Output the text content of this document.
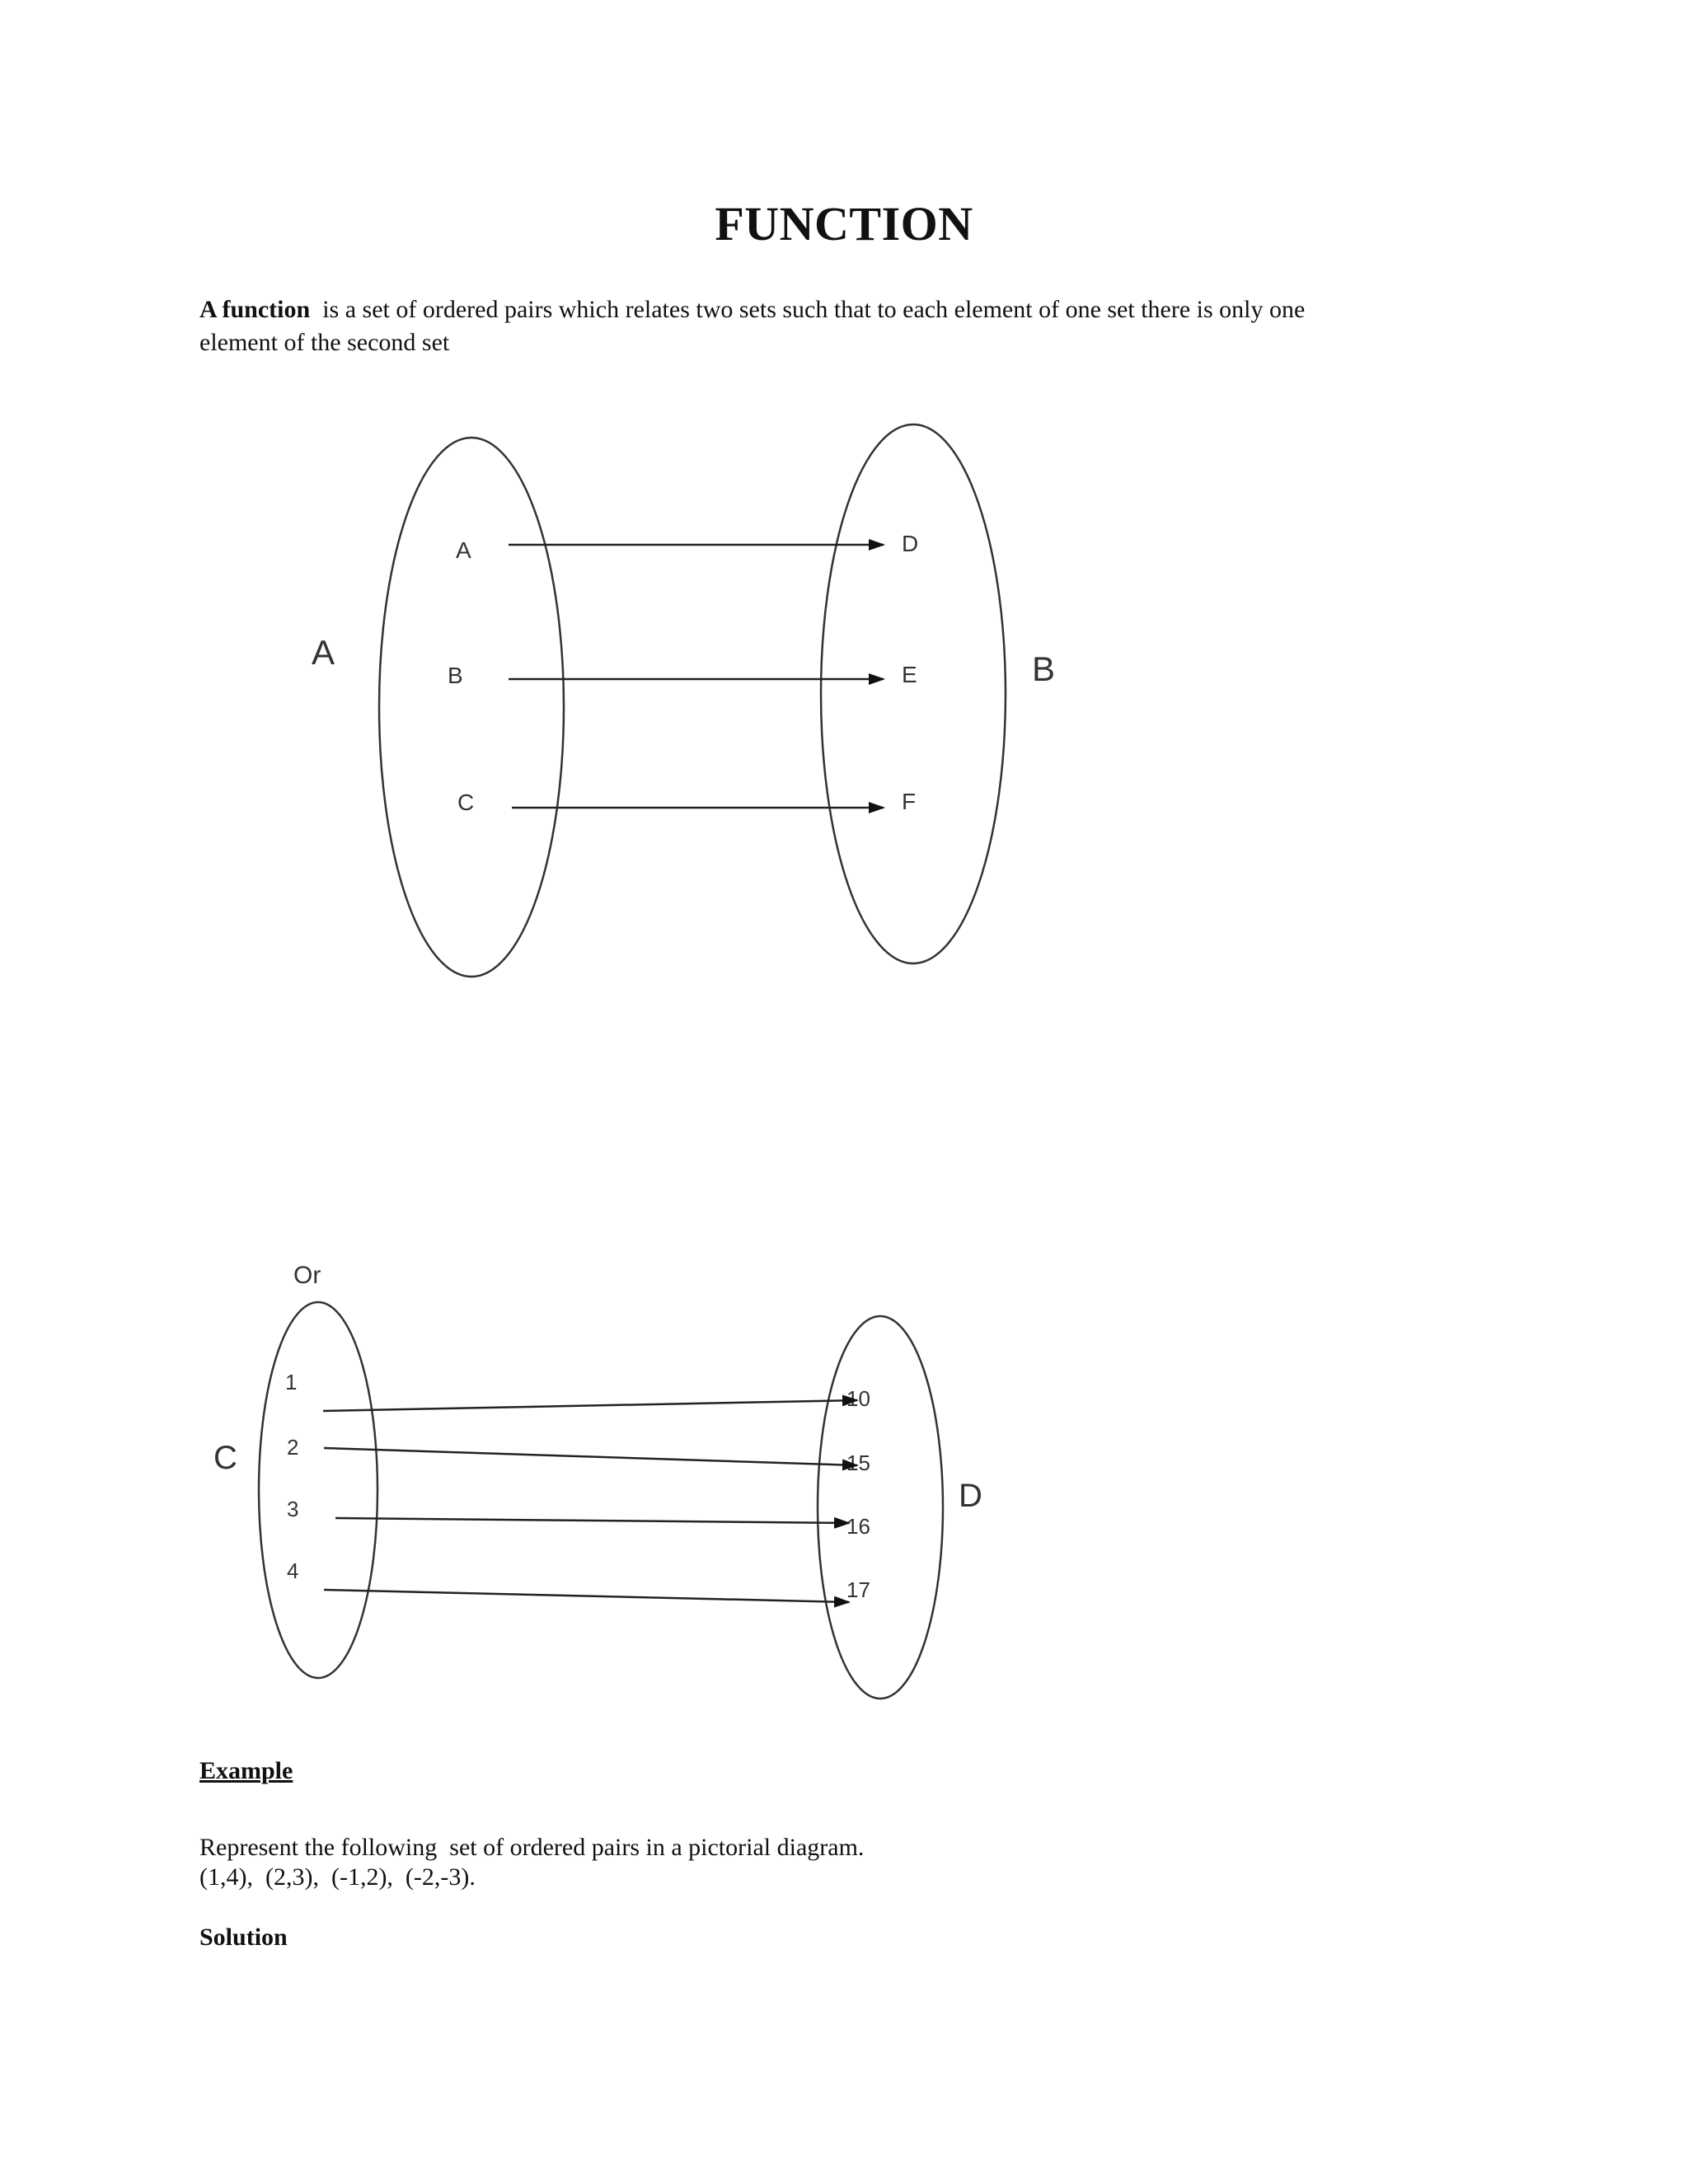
FUNCTION
A function  is a set of ordered pairs which relates two sets such that to each element of one set there is only one
element of the second set
A	B
A
B
C
D
E
F
Or
C
D
1
2
3
4
10
15
16
17
Example
Represent the following  set of ordered pairs in a pictorial diagram.
(1,4),  (2,3),  (-1,2),  (-2,-3).
Solution
